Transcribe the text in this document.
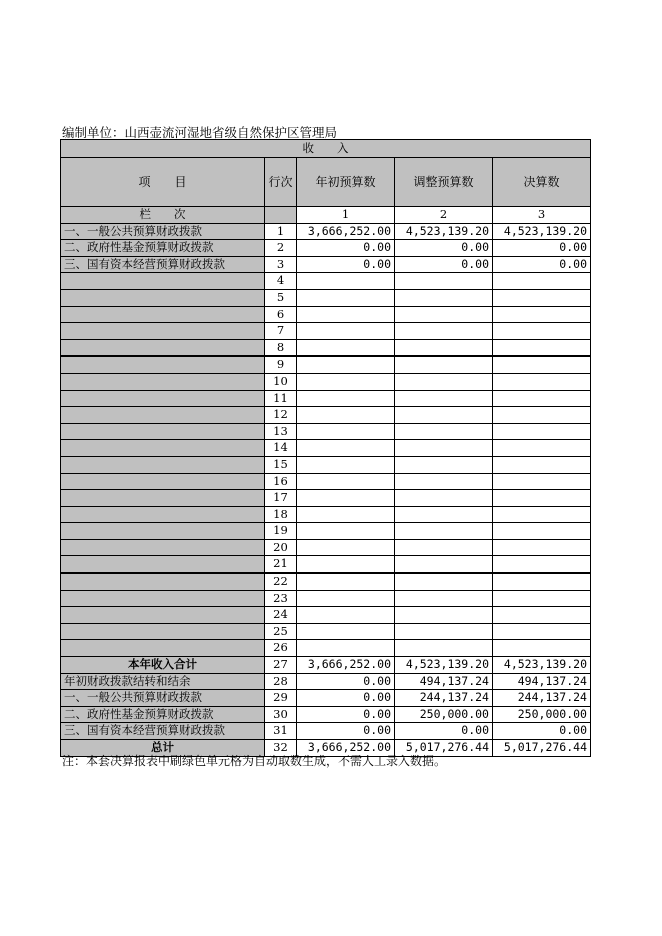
编制单位：山西壶流河湿地省级自然保护区管理局
收　　入				
项　　目	行次	年初预算数	调整预算数	决算数
栏　　次		1	2	3
一、一般公共预算财政拨款	1	3,666,252.00	4,523,139.20	4,523,139.20
二、政府性基金预算财政拨款	2	0.00	0.00	0.00
三、国有资本经营预算财政拨款	3	0.00	0.00	0.00
	4			
	5			
	6			
	7			
	8			
	9			
	10			
	11			
	12			
	13			
	14			
	15			
	16			
	17			
	18			
	19			
	20			
	21			
	22			
	23			
	24			
	25			
	26			
本年收入合计	27	3,666,252.00	4,523,139.20	4,523,139.20
年初财政拨款结转和结余	28	0.00	494,137.24	494,137.24
一、一般公共预算财政拨款	29	0.00	244,137.24	244,137.24
二、政府性基金预算财政拨款	30	0.00	250,000.00	250,000.00
三、国有资本经营预算财政拨款	31	0.00	0.00	0.00
总计	32	3,666,252.00	5,017,276.44	5,017,276.44
注：本套决算报表中刷绿色单元格为自动取数生成，不需人工录入数据。
